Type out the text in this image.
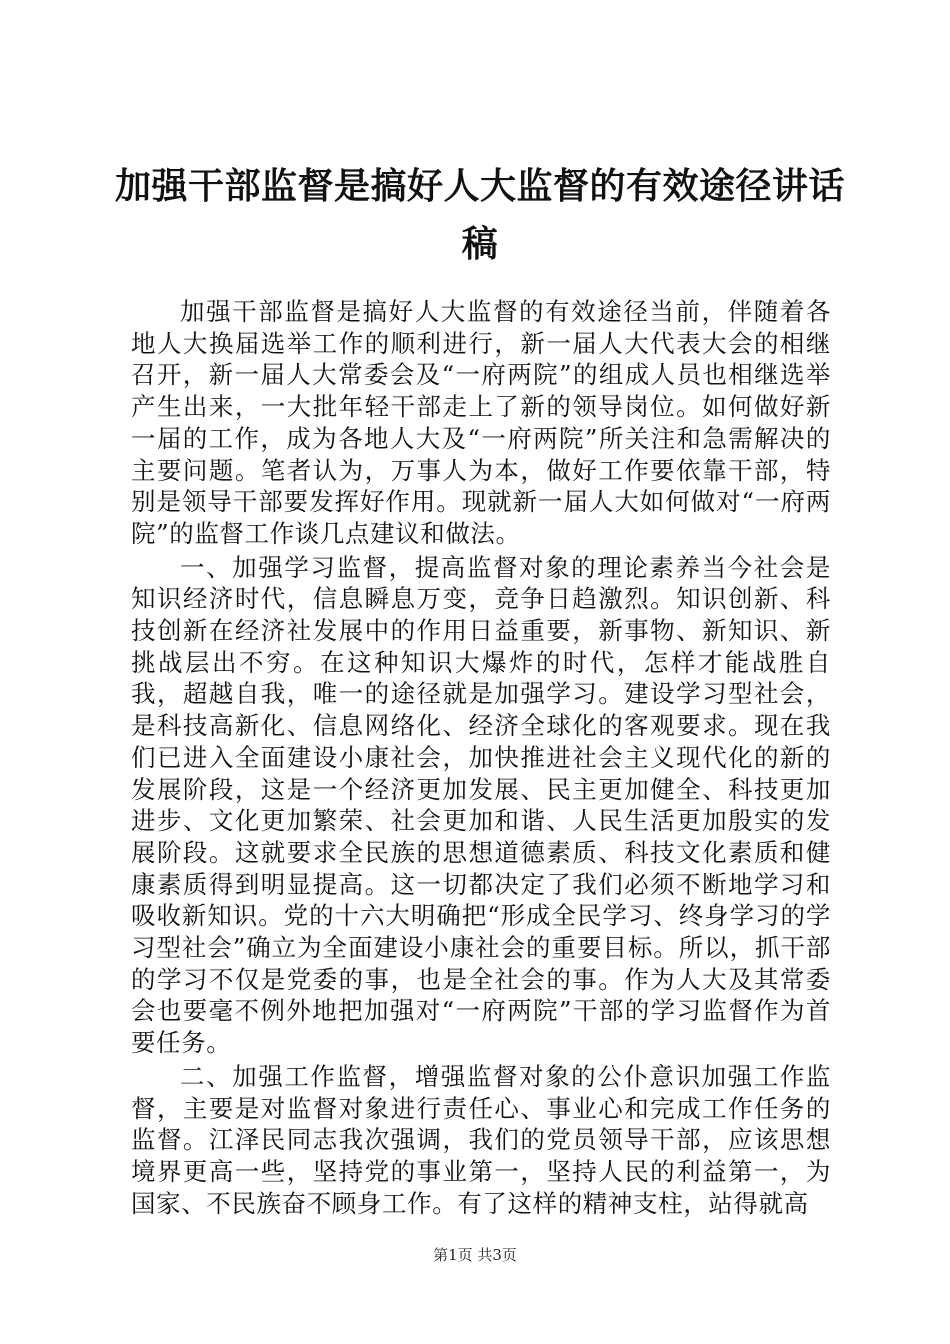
加强干部监督是搞好人大监督的有效途径讲话稿

加强干部监督是搞好人大监督的有效途径当前，伴随着各地人大换届选举工作的顺利进行，新一届人大代表大会的相继召开，新一届人大常委会及“一府两院”的组成人员也相继选举产生出来，一大批年轻干部走上了新的领导岗位。如何做好新一届的工作，成为各地人大及“一府两院”所关注和急需解决的主要问题。笔者认为，万事人为本，做好工作要依靠干部，特别是领导干部要发挥好作用。现就新一届人大如何做对“一府两院”的监督工作谈几点建议和做法。

一、加强学习监督，提高监督对象的理论素养当今社会是知识经济时代，信息瞬息万变，竞争日趋激烈。知识创新、科技创新在经济社发展中的作用日益重要，新事物、新知识、新挑战层出不穷。在这种知识大爆炸的时代，怎样才能战胜自我，超越自我，唯一的途径就是加强学习。建设学习型社会，是科技高新化、信息网络化、经济全球化的客观要求。现在我们已进入全面建设小康社会，加快推进社会主义现代化的新的发展阶段，这是一个经济更加发展、民主更加健全、科技更加进步、文化更加繁荣、社会更加和谐、人民生活更加殷实的发展阶段。这就要求全民族的思想道德素质、科技文化素质和健康素质得到明显提高。这一切都决定了我们必须不断地学习和吸收新知识。党的十六大明确把“形成全民学习、终身学习的学习型社会”确立为全面建设小康社会的重要目标。所以，抓干部的学习不仅是党委的事，也是全社会的事。作为人大及其常委会也要毫不例外地把加强对“一府两院”干部的学习监督作为首要任务。

二、加强工作监督，增强监督对象的公仆意识加强工作监督，主要是对监督对象进行责任心、事业心和完成工作任务的监督。江泽民同志我次强调，我们的党员领导干部，应该思想境界更高一些，坚持党的事业第一，坚持人民的利益第一，为国家、不民族奋不顾身工作。有了这样的精神支柱，站得就高

第1页 共3页
